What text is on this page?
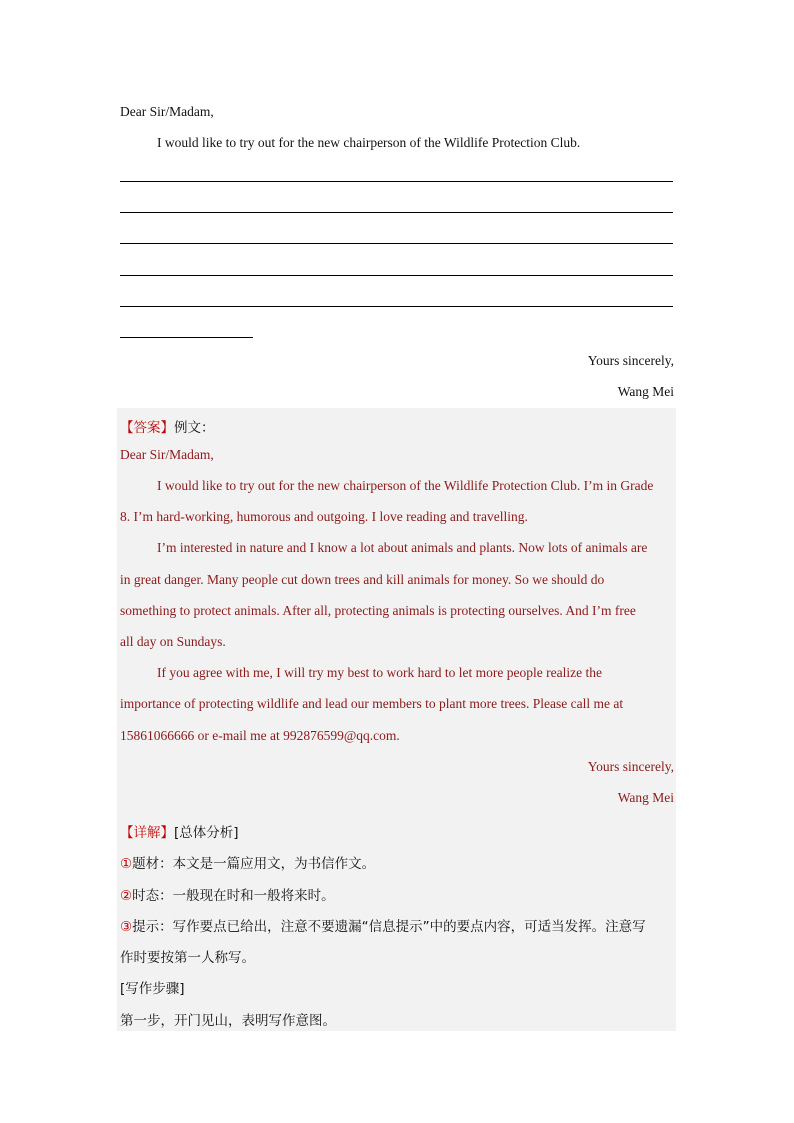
Dear Sir/Madam,
I would like to try out for the new chairperson of the Wildlife Protection Club.
Yours sincerely,
Wang Mei
【答案】例文：
Dear Sir/Madam,
I would like to try out for the new chairperson of the Wildlife Protection Club. I’m in Grade
8. I’m hard-working, humorous and outgoing. I love reading and travelling.
I’m interested in nature and I know a lot about animals and plants. Now lots of animals are
in great danger. Many people cut down trees and kill animals for money. So we should do
something to protect animals. After all, protecting animals is protecting ourselves. And I’m free
all day on Sundays.
If you agree with me, I will try my best to work hard to let more people realize the
importance of protecting wildlife and lead our members to plant more trees. Please call me at
15861066666 or e-mail me at 992876599@qq.com.
Yours sincerely,
Wang Mei
【详解】[总体分析]
①题材：本文是一篇应用文，为书信作文。
②时态：一般现在时和一般将来时。
③提示：写作要点已给出，注意不要遗漏“信息提示”中的要点内容，可适当发挥。注意写
作时要按第一人称写。
[写作步骤]
第一步，开门见山，表明写作意图。
